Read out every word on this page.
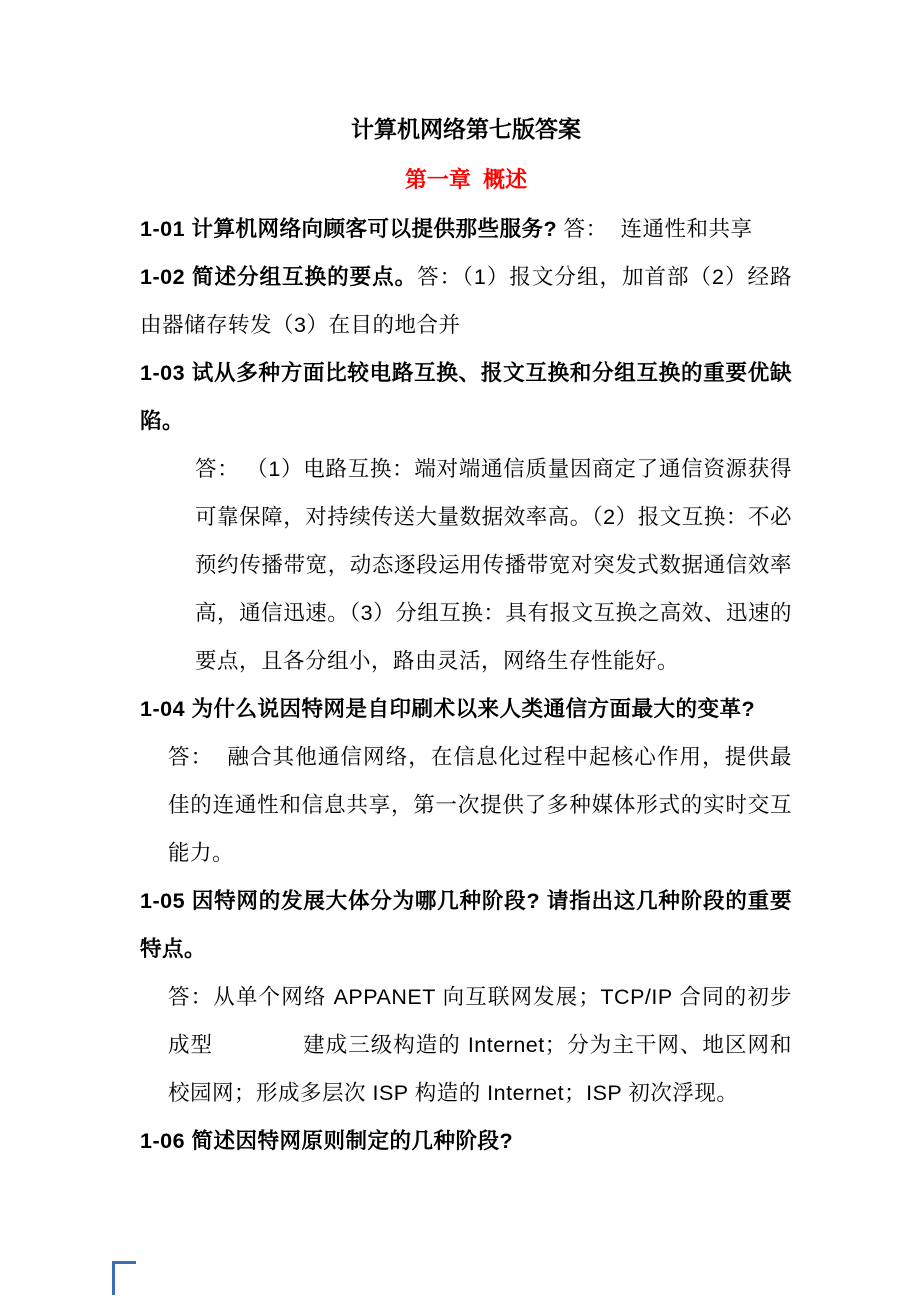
计算机网络第七版答案
第一章  概述

1-01 计算机网络向顾客可以提供那些服务? 答：  连通性和共享

1-02 简述分组互换的要点。答：（1）报文分组，加首部（2）经路由器储存转发（3）在目的地合并

1-03 试从多种方面比较电路互换、报文互换和分组互换的重要优缺陷。

答： （1）电路互换：端对端通信质量因商定了通信资源获得可靠保障，对持续传送大量数据效率高。（2）报文互换：不必预约传播带宽，动态逐段运用传播带宽对突发式数据通信效率高，通信迅速。（3）分组互换：具有报文互换之高效、迅速的要点，且各分组小，路由灵活，网络生存性能好。

1-04 为什么说因特网是自印刷术以来人类通信方面最大的变革?

答：  融合其他通信网络，在信息化过程中起核心作用，提供最佳的连通性和信息共享，第一次提供了多种媒体形式的实时交互能力。

1-05 因特网的发展大体分为哪几种阶段? 请指出这几种阶段的重要特点。

答：从单个网络 APPANET 向互联网发展；TCP/IP 合同的初步成型　　　　建成三级构造的 Internet；分为主干网、地区网和校园网；形成多层次 ISP 构造的 Internet；ISP 初次浮现。

1-06 简述因特网原则制定的几种阶段?
